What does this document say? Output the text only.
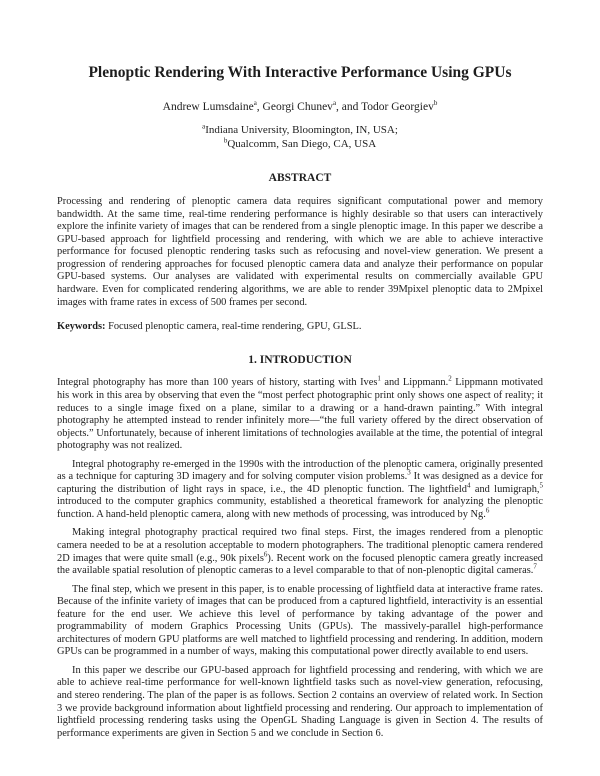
Plenoptic Rendering With Interactive Performance Using GPUs
Andrew Lumsdaine$^a$, Georgi Chunev$^a$, and Todor Georgiev$^b$
$^a$Indiana University, Bloomington, IN, USA;
$^b$Qualcomm, San Diego, CA, USA
ABSTRACT

Processing and rendering of plenoptic camera data requires significant computational power and memory bandwidth. At the same time, real-time rendering performance is highly desirable so that users can interactively explore the infinite variety of images that can be rendered from a single plenoptic image. In this paper we describe a GPU-based approach for lightfield processing and rendering, with which we are able to achieve interactive performance for focused plenoptic rendering tasks such as refocusing and novel-view generation. We present a progression of rendering approaches for focused plenoptic camera data and analyze their performance on popular GPU-based systems. Our analyses are validated with experimental results on commercially available GPU hardware. Even for complicated rendering algorithms, we are able to render 39Mpixel plenoptic data to 2Mpixel images with frame rates in excess of 500 frames per second.

Keywords: Focused plenoptic camera, real-time rendering, GPU, GLSL.

1. INTRODUCTION

Integral photography has more than 100 years of history, starting with Ives$^1$ and Lippmann.$^2$ Lippmann motivated his work in this area by observing that even the “most perfect photographic print only shows one aspect of reality; it reduces to a single image fixed on a plane, similar to a drawing or a hand-drawn painting.” With integral photography he attempted instead to render infinitely more—“the full variety offered by the direct observation of objects.” Unfortunately, because of inherent limitations of technologies available at the time, the potential of integral photography was not realized.

Integral photography re-emerged in the 1990s with the introduction of the plenoptic camera, originally presented as a technique for capturing 3D imagery and for solving computer vision problems.$^3$ It was designed as a device for capturing the distribution of light rays in space, i.e., the 4D plenoptic function. The lightfield$^4$ and lumigraph,$^5$ introduced to the computer graphics community, established a theoretical framework for analyzing the plenoptic function. A hand-held plenoptic camera, along with new methods of processing, was introduced by Ng.$^6$

Making integral photography practical required two final steps. First, the images rendered from a plenoptic camera needed to be at a resolution acceptable to modern photographers. The traditional plenoptic camera rendered 2D images that were quite small (e.g., 90k pixels$^6$). Recent work on the focused plenoptic camera greatly increased the available spatial resolution of plenoptic cameras to a level comparable to that of non-plenoptic digital cameras.$^7$

The final step, which we present in this paper, is to enable processing of lightfield data at interactive frame rates. Because of the infinite variety of images that can be produced from a captured lightfield, interactivity is an essential feature for the end user. We achieve this level of performance by taking advantage of the power and programmability of modern Graphics Processing Units (GPUs). The massively-parallel high-performance architectures of modern GPU platforms are well matched to lightfield processing and rendering. In addition, modern GPUs can be programmed in a number of ways, making this computational power directly available to end users.

In this paper we describe our GPU-based approach for lightfield processing and rendering, with which we are able to achieve real-time performance for well-known lightfield tasks such as novel-view generation, refocusing, and stereo rendering. The plan of the paper is as follows. Section 2 contains an overview of related work. In Section 3 we provide background information about lightfield processing and rendering. Our approach to implementation of lightfield processing rendering tasks using the OpenGL Shading Language is given in Section 4. The results of performance experiments are given in Section 5 and we conclude in Section 6.
